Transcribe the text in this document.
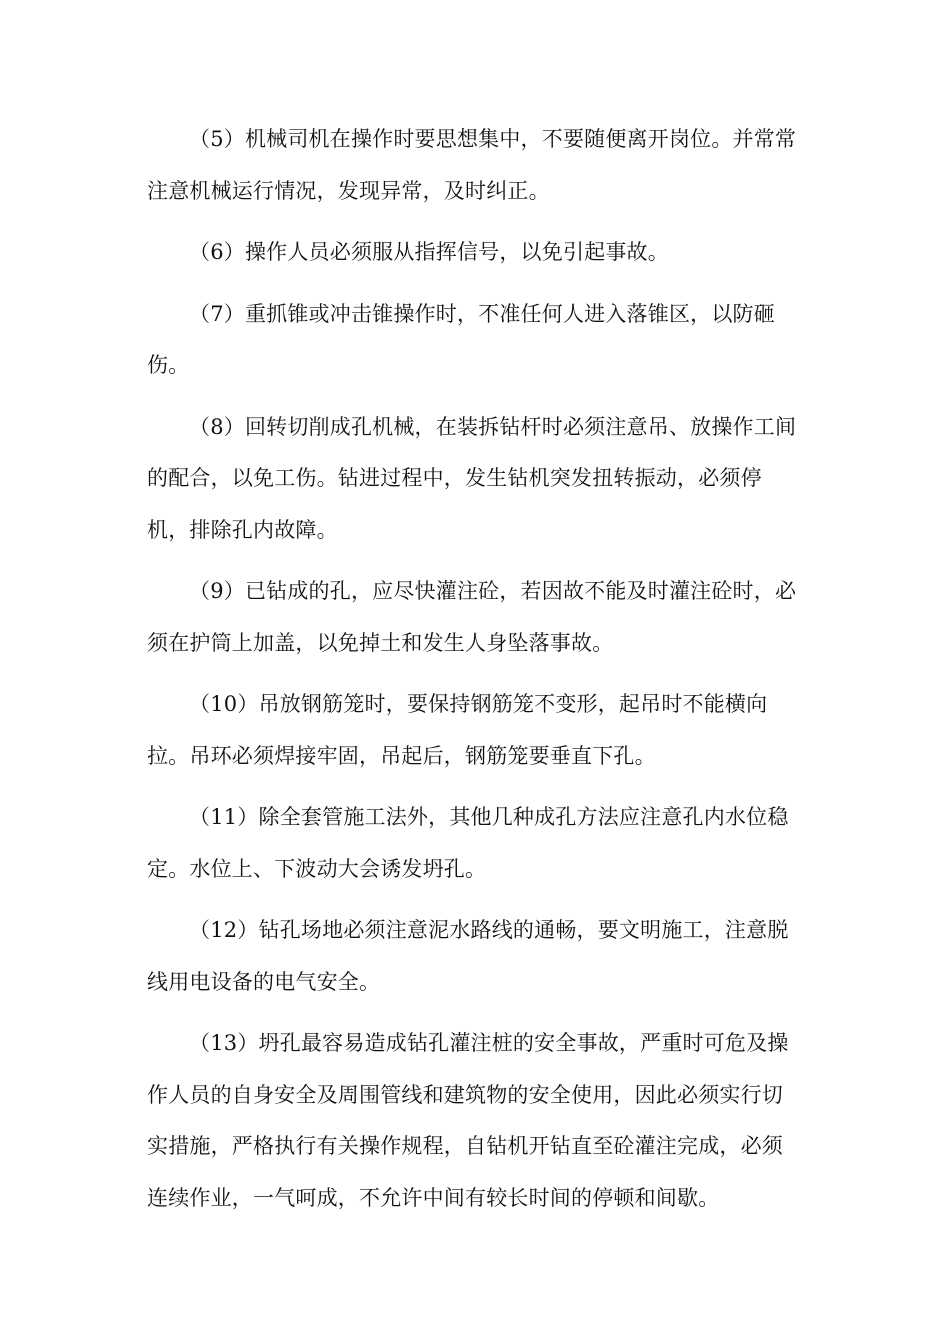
（5）机械司机在操作时要思想集中，不要随便离开岗位。并常常注意机械运行情况，发现异常，及时纠正。

（6）操作人员必须服从指挥信号，以免引起事故。

（7）重抓锥或冲击锥操作时，不准任何人进入落锥区，以防砸伤。

（8）回转切削成孔机械，在装拆钻杆时必须注意吊、放操作工间的配合，以免工伤。钻进过程中，发生钻机突发扭转振动，必须停机，排除孔内故障。

（9）已钻成的孔，应尽快灌注砼，若因故不能及时灌注砼时，必须在护筒上加盖，以免掉土和发生人身坠落事故。

（10）吊放钢筋笼时，要保持钢筋笼不变形，起吊时不能横向拉。吊环必须焊接牢固，吊起后，钢筋笼要垂直下孔。

（11）除全套管施工法外，其他几种成孔方法应注意孔内水位稳定。水位上、下波动大会诱发坍孔。

（12）钻孔场地必须注意泥水路线的通畅，要文明施工，注意脱线用电设备的电气安全。

（13）坍孔最容易造成钻孔灌注桩的安全事故，严重时可危及操作人员的自身安全及周围管线和建筑物的安全使用，因此必须实行切实措施，严格执行有关操作规程，自钻机开钻直至砼灌注完成，必须连续作业，一气呵成，不允许中间有较长时间的停顿和间歇。
